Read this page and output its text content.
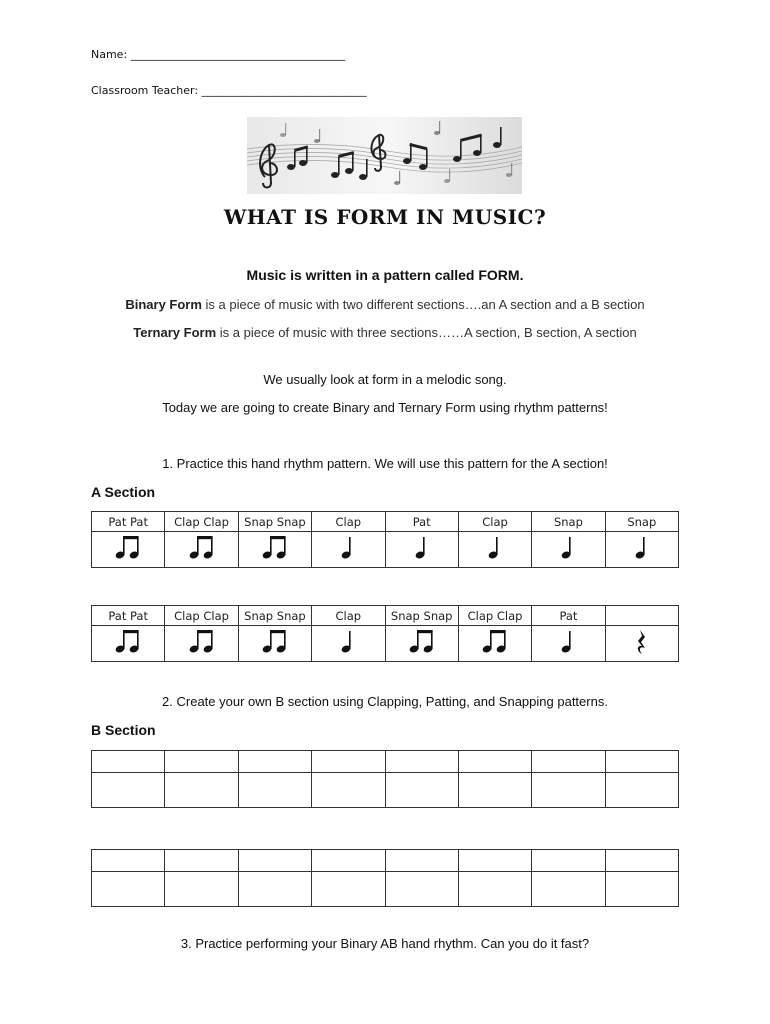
Name: _______________________________________
Classroom Teacher: ______________________________
WHAT IS FORM IN MUSIC?
Music is written in a pattern called FORM.
Binary Form is a piece of music with two different sections….an A section and a B section
Ternary Form is a piece of music with three sections……A section, B section, A section
We usually look at form in a melodic song.
Today we are going to create Binary and Ternary Form using rhythm patterns!
1. Practice this hand rhythm pattern. We will use this pattern for the A section!
A Section
Pat Pat	Clap Clap	Snap Snap	Clap	Pat	Clap	Snap	Snap

Pat Pat	Clap Clap	Snap Snap	Clap	Snap Snap	Clap Clap	Pat	

2. Create your own B section using Clapping, Patting, and Snapping patterns.
B Section

3. Practice performing your Binary AB hand rhythm. Can you do it fast?
